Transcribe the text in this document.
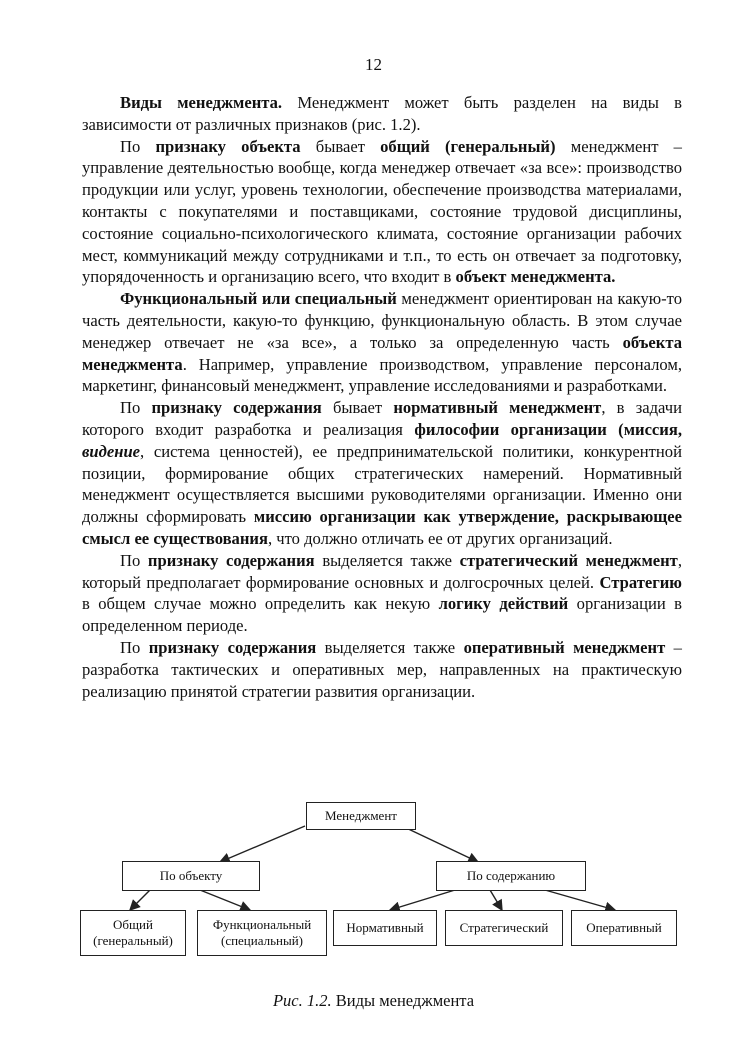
12

Виды менеджмента. Менеджмент может быть разделен на виды в зависимости от различных признаков (рис. 1.2).

По признаку объекта бывает общий (генеральный) менеджмент – управление деятельностью вообще, когда менеджер отвечает «за все»: производство продукции или услуг, уровень технологии, обеспечение производства материалами, контакты с покупателями и поставщиками, состояние трудовой дисциплины, состояние социально-психологического климата, состояние организации рабочих мест, коммуникаций между сотрудниками и т.п., то есть он отвечает за подготовку, упорядоченность и организацию всего, что входит в объект менеджмента.

Функциональный или специальный менеджмент ориентирован на какую-то часть деятельности, какую-то функцию, функциональную область. В этом случае менеджер отвечает не «за все», а только за определенную часть объекта менеджмента. Например, управление производством, управление персоналом, маркетинг, финансовый менеджмент, управление исследованиями и разработками.

По признаку содержания бывает нормативный менеджмент, в задачи которого входит разработка и реализация философии организации (миссия, видение, система ценностей), ее предпринимательской политики, конкурентной позиции, формирование общих стратегических намерений. Нормативный менеджмент осуществляется высшими руководителями организации. Именно они должны сформировать миссию организации как утверждение, раскрывающее смысл ее существования, что должно отличать ее от других организаций.

По признаку содержания выделяется также стратегический менеджмент, который предполагает формирование основных и долгосрочных целей. Стратегию в общем случае можно определить как некую логику действий организации в определенном периоде.

По признаку содержания выделяется также оперативный менеджмент – разработка тактических и оперативных мер, направленных на практическую реализацию принятой стратегии развития организации.

Менеджмент
По объекту	По содержанию
Общий
(генеральный)
Функциональный
(специальный)
Нормативный	Стратегический	Оперативный
Рис. 1.2. Виды менеджмента
